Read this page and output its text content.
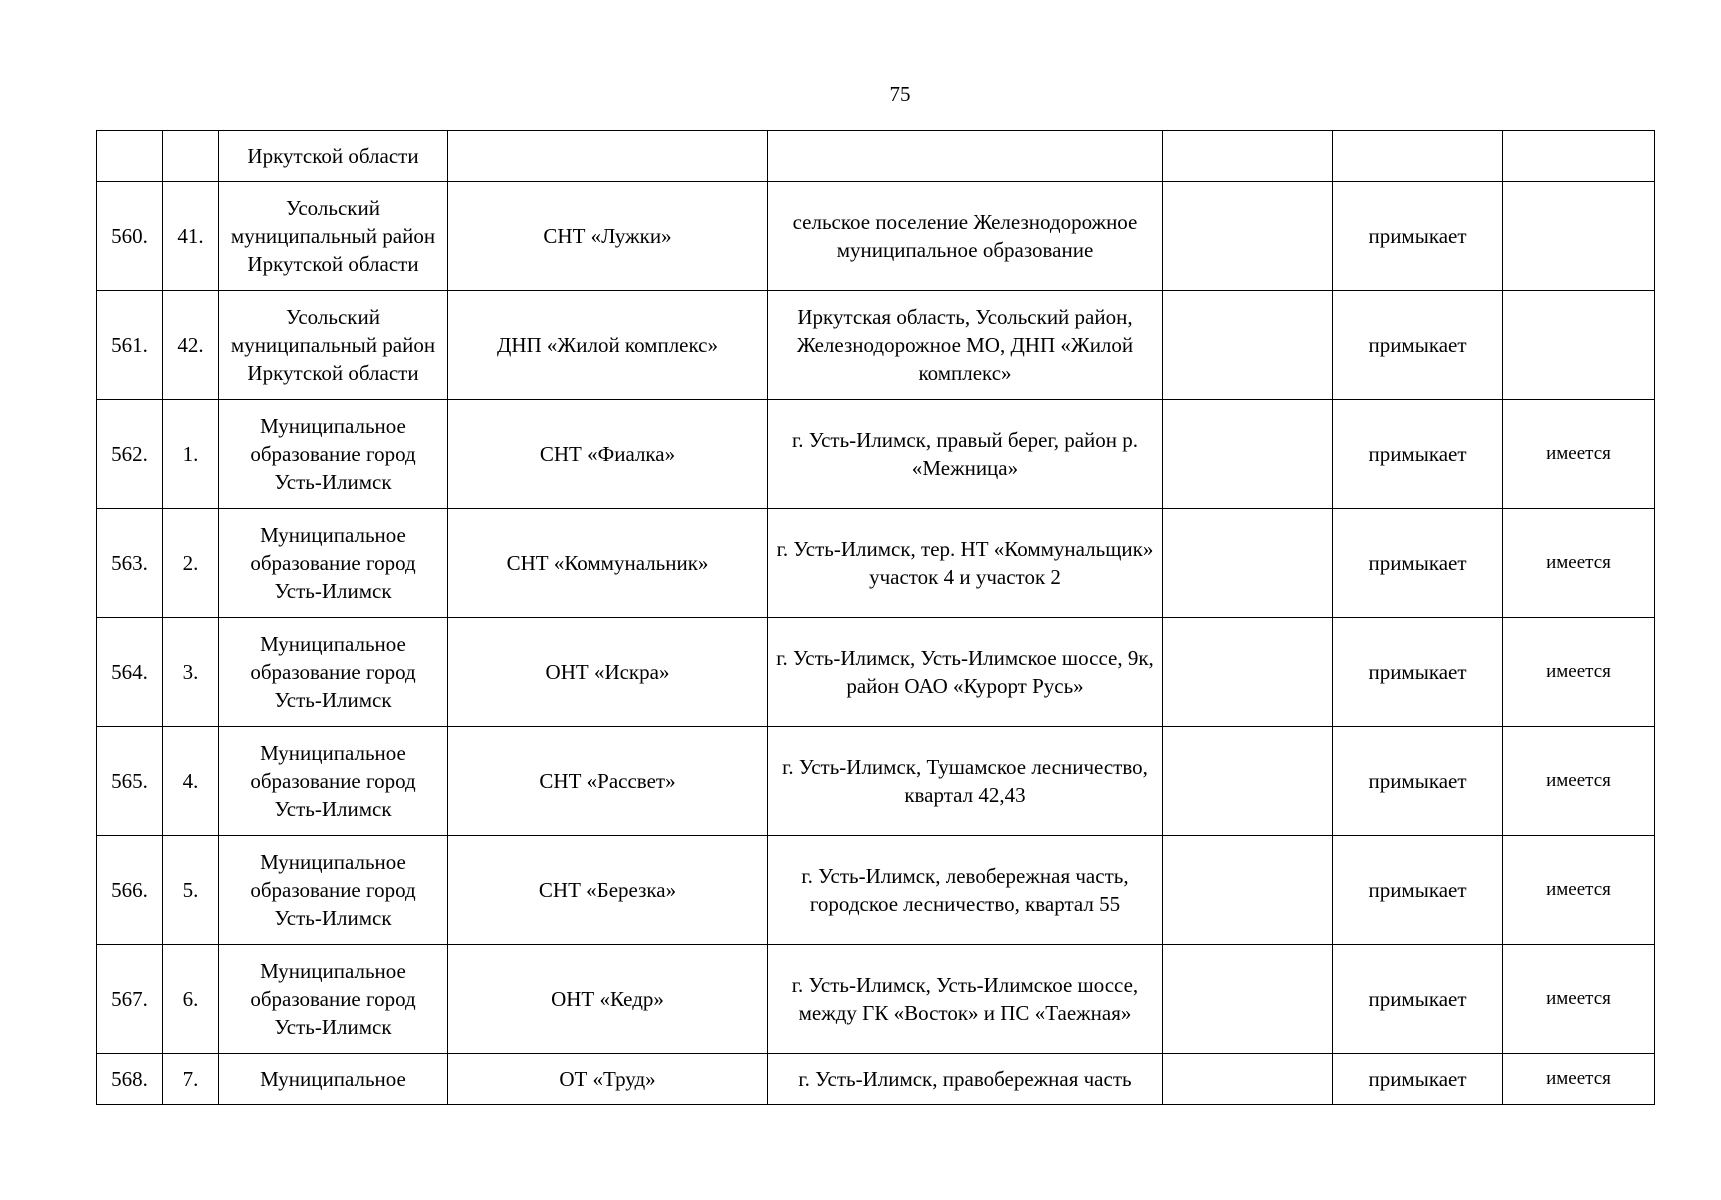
75
		Иркутской области					
560.	41.	Усольский муниципальный район Иркутской области	СНТ «Лужки»	сельское поселение Железнодорожное муниципальное образование		примыкает	
561.	42.	Усольский муниципальный район Иркутской области	ДНП «Жилой комплекс»	Иркутская область, Усольский район, Железнодорожное МО, ДНП «Жилой комплекс»		примыкает	
562.	1.	Муниципальное образование город Усть-Илимск	СНТ «Фиалка»	г. Усть-Илимск, правый берег, район р. «Межница»		примыкает	имеется
563.	2.	Муниципальное образование город Усть-Илимск	СНТ «Коммунальник»	г. Усть-Илимск, тер. НТ «Коммунальщик» участок 4 и участок 2		примыкает	имеется
564.	3.	Муниципальное образование город Усть-Илимск	ОНТ «Искра»	г. Усть-Илимск, Усть-Илимское шоссе, 9к, район ОАО «Курорт Русь»		примыкает	имеется
565.	4.	Муниципальное образование город Усть-Илимск	СНТ «Рассвет»	г. Усть-Илимск, Тушамское лесничество, квартал 42,43		примыкает	имеется
566.	5.	Муниципальное образование город Усть-Илимск	СНТ «Березка»	г. Усть-Илимск, левобережная часть, городское лесничество, квартал 55		примыкает	имеется
567.	6.	Муниципальное образование город Усть-Илимск	ОНТ «Кедр»	г. Усть-Илимск, Усть-Илимское шоссе, между ГК «Восток» и ПС «Таежная»		примыкает	имеется
568.	7.	Муниципальное	ОТ «Труд»	г. Усть-Илимск, правобережная часть		примыкает	имеется
